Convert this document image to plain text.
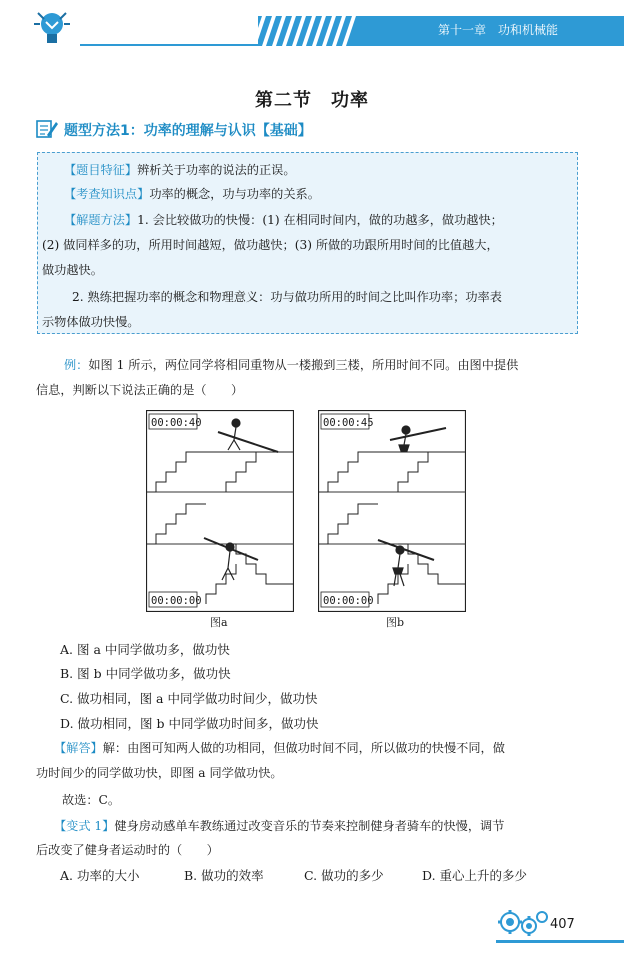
第十一章　功和机械能
第二节　功率
题型方法1：功率的理解与认识【基础】
【题目特征】辨析关于功率的说法的正误。
【考查知识点】功率的概念，功与功率的关系。
【解题方法】1. 会比较做功的快慢：(1) 在相同时间内，做的功越多，做功越快；
(2) 做同样多的功，所用时间越短，做功越快；(3) 所做的功跟所用时间的比值越大，
做功越快。
2. 熟练把握功率的概念和物理意义：功与做功所用的时间之比叫作功率；功率表
示物体做功快慢。
例：如图 1 所示，两位同学将相同重物从一楼搬到三楼，所用时间不同。由图中提供
信息，判断以下说法正确的是（　　）
00:00:40
00:00:00
图a
00:00:45
00:00:00
图b
A. 图 a 中同学做功多，做功快
B. 图 b 中同学做功多，做功快
C. 做功相同，图 a 中同学做功时间少，做功快
D. 做功相同，图 b 中同学做功时间多，做功快
【解答】解：由图可知两人做的功相同，但做功时间不同，所以做功的快慢不同，做
功时间少的同学做功快，即图 a 同学做功快。
故选：C。
【变式 1】健身房动感单车教练通过改变音乐的节奏来控制健身者骑车的快慢，调节
后改变了健身者运动时的（　　）
A. 功率的大小	B. 做功的效率	C. 做功的多少	D. 重心上升的多少
407
